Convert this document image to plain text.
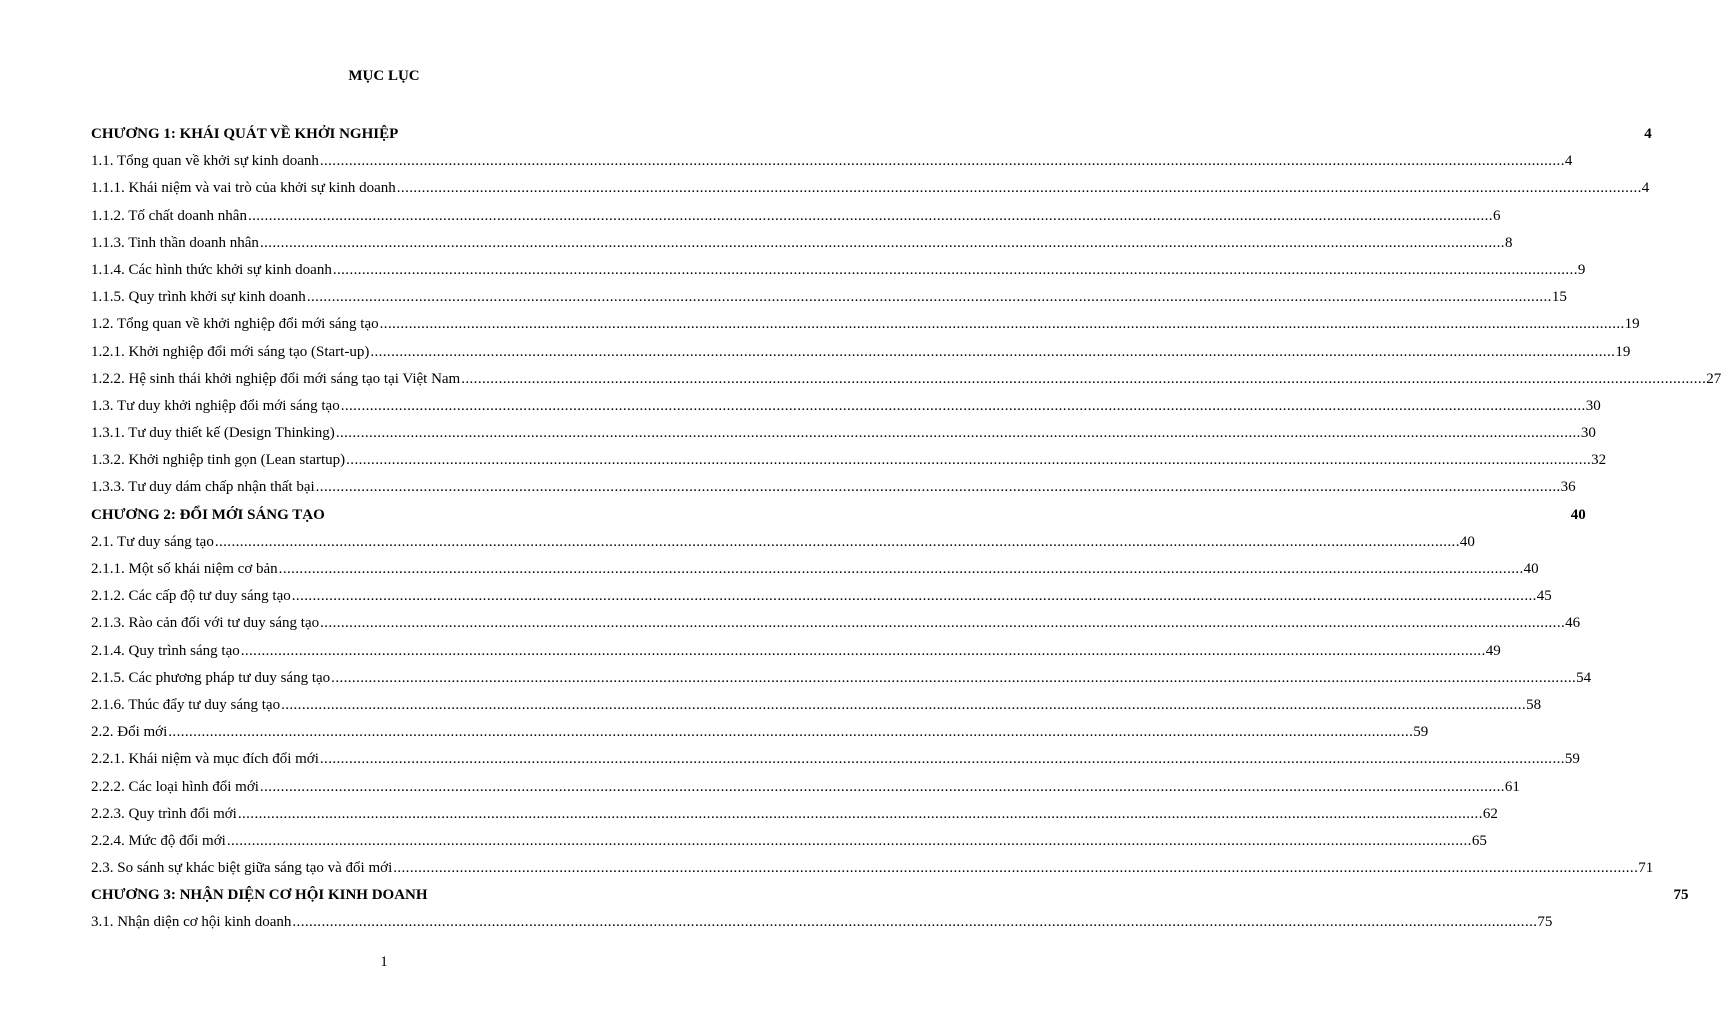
MỤC LỤC
CHƯƠNG 1: KHÁI QUÁT VỀ KHỞI NGHIỆP	4
1.1. Tổng quan về khởi sự kinh doanh ............................................................................................................................................................................................................................................................................................................ 4
1.1.1. Khái niệm và vai trò của khởi sự kinh doanh ............................................................................................................................................................................................................................................................................................................ 4
1.1.2. Tố chất doanh nhân ............................................................................................................................................................................................................................................................................................................ 6
1.1.3. Tinh thần doanh nhân ............................................................................................................................................................................................................................................................................................................ 8
1.1.4. Các hình thức khởi sự kinh doanh ............................................................................................................................................................................................................................................................................................................ 9
1.1.5. Quy trình khởi sự kinh doanh ............................................................................................................................................................................................................................................................................................................ 15
1.2. Tổng quan về khởi nghiệp đổi mới sáng tạo ............................................................................................................................................................................................................................................................................................................ 19
1.2.1. Khởi nghiệp đổi mới sáng tạo (Start-up) ............................................................................................................................................................................................................................................................................................................ 19
1.2.2. Hệ sinh thái khởi nghiệp đổi mới sáng tạo tại Việt Nam ............................................................................................................................................................................................................................................................................................................ 27
1.3. Tư duy khởi nghiệp đổi mới sáng tạo ............................................................................................................................................................................................................................................................................................................ 30
1.3.1. Tư duy thiết kế (Design Thinking) ............................................................................................................................................................................................................................................................................................................ 30
1.3.2. Khởi nghiệp tinh gọn (Lean startup) ............................................................................................................................................................................................................................................................................................................ 32
1.3.3. Tư duy dám chấp nhận thất bại ............................................................................................................................................................................................................................................................................................................ 36
CHƯƠNG 2: ĐỔI MỚI SÁNG TẠO	40
2.1. Tư duy sáng tạo ............................................................................................................................................................................................................................................................................................................ 40
2.1.1. Một số khái niệm cơ bản ............................................................................................................................................................................................................................................................................................................ 40
2.1.2. Các cấp độ tư duy sáng tạo ............................................................................................................................................................................................................................................................................................................ 45
2.1.3. Rào cản đối với tư duy sáng tạo ............................................................................................................................................................................................................................................................................................................ 46
2.1.4. Quy trình sáng tạo ............................................................................................................................................................................................................................................................................................................ 49
2.1.5. Các phương pháp tư duy sáng tạo ............................................................................................................................................................................................................................................................................................................ 54
2.1.6. Thúc đẩy tư duy sáng tạo ............................................................................................................................................................................................................................................................................................................ 58
2.2. Đổi mới ............................................................................................................................................................................................................................................................................................................ 59
2.2.1. Khái niệm và mục đích đổi mới ............................................................................................................................................................................................................................................................................................................ 59
2.2.2. Các loại hình đổi mới ............................................................................................................................................................................................................................................................................................................ 61
2.2.3. Quy trình đổi mới ............................................................................................................................................................................................................................................................................................................ 62
2.2.4. Mức độ đổi mới ............................................................................................................................................................................................................................................................................................................ 65
2.3. So sánh sự khác biệt giữa sáng tạo và đổi mới ............................................................................................................................................................................................................................................................................................................ 71
CHƯƠNG 3: NHẬN DIỆN CƠ HỘI KINH DOANH	75
3.1. Nhận diện cơ hội kinh doanh ............................................................................................................................................................................................................................................................................................................ 75
1
